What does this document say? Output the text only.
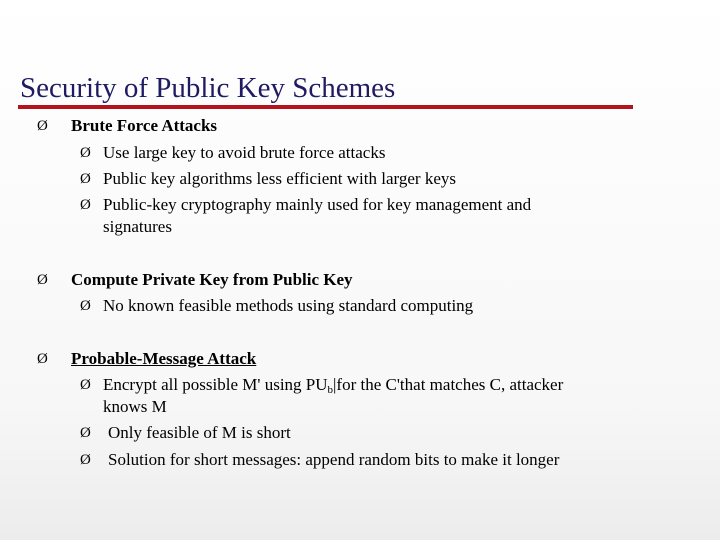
Security of Public Key Schemes
Ø Brute Force Attacks
Ø Use large key to avoid brute force attacks
Ø Public key algorithms less efficient with larger keys
Ø Public-key cryptography mainly used for key management and
signatures
Ø Compute Private Key from Public Key
Ø No known feasible methods using standard computing
Ø Probable-Message Attack
Ø Encrypt all possible M' using $PU_b|for$ the C'that matches C, attacker
knows M
Ø Only feasible of M is short
Ø Solution for short messages: append random bits to make it longer
